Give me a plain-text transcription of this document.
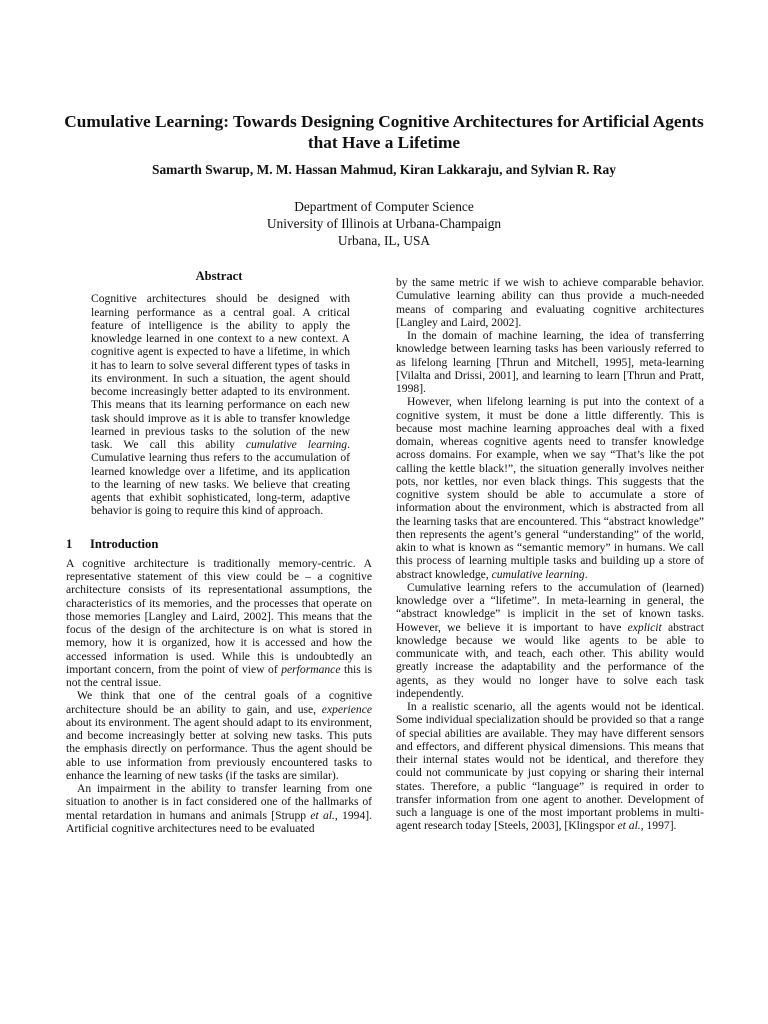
Cumulative Learning: Towards Designing Cognitive Architectures for Artificial Agents that Have a Lifetime
Samarth Swarup, M. M. Hassan Mahmud, Kiran Lakkaraju, and Sylvian R. Ray
Department of Computer Science
University of Illinois at Urbana-Champaign
Urbana, IL, USA
Abstract

Cognitive architectures should be designed with learning performance as a central goal. A critical feature of intelligence is the ability to apply the knowledge learned in one context to a new context. A cognitive agent is expected to have a lifetime, in which it has to learn to solve several different types of tasks in its environment. In such a situation, the agent should become increasingly better adapted to its environment. This means that its learning performance on each new task should improve as it is able to transfer knowledge learned in previous tasks to the solution of the new task. We call this ability cumulative learning. Cumulative learning thus refers to the accumulation of learned knowledge over a lifetime, and its application to the learning of new tasks. We believe that creating agents that exhibit sophisticated, long-term, adaptive behavior is going to require this kind of approach.

1 Introduction

A cognitive architecture is traditionally memory-centric. A representative statement of this view could be – a cognitive architecture consists of its representational assumptions, the characteristics of its memories, and the processes that operate on those memories [Langley and Laird, 2002]. This means that the focus of the design of the architecture is on what is stored in memory, how it is organized, how it is accessed and how the accessed information is used. While this is undoubtedly an important concern, from the point of view of performance this is not the central issue.

We think that one of the central goals of a cognitive architecture should be an ability to gain, and use, experience about its environment. The agent should adapt to its environment, and become increasingly better at solving new tasks. This puts the emphasis directly on performance. Thus the agent should be able to use information from previously encountered tasks to enhance the learning of new tasks (if the tasks are similar).

An impairment in the ability to transfer learning from one situation to another is in fact considered one of the hallmarks of mental retardation in humans and animals [Strupp et al., 1994]. Artificial cognitive architectures need to be evaluated

by the same metric if we wish to achieve comparable behavior. Cumulative learning ability can thus provide a much-needed means of comparing and evaluating cognitive architectures [Langley and Laird, 2002].

In the domain of machine learning, the idea of transferring knowledge between learning tasks has been variously referred to as lifelong learning [Thrun and Mitchell, 1995], meta-learning [Vilalta and Drissi, 2001], and learning to learn [Thrun and Pratt, 1998].

However, when lifelong learning is put into the context of a cognitive system, it must be done a little differently. This is because most machine learning approaches deal with a fixed domain, whereas cognitive agents need to transfer knowledge across domains. For example, when we say “That’s like the pot calling the kettle black!”, the situation generally involves neither pots, nor kettles, nor even black things. This suggests that the cognitive system should be able to accumulate a store of information about the environment, which is abstracted from all the learning tasks that are encountered. This “abstract knowledge” then represents the agent’s general “understanding” of the world, akin to what is known as “semantic memory” in humans. We call this process of learning multiple tasks and building up a store of abstract knowledge, cumulative learning.

Cumulative learning refers to the accumulation of (learned) knowledge over a “lifetime”. In meta-learning in general, the “abstract knowledge” is implicit in the set of known tasks. However, we believe it is important to have explicit abstract knowledge because we would like agents to be able to communicate with, and teach, each other. This ability would greatly increase the adaptability and the performance of the agents, as they would no longer have to solve each task independently.

In a realistic scenario, all the agents would not be identical. Some individual specialization should be provided so that a range of special abilities are available. They may have different sensors and effectors, and different physical dimensions. This means that their internal states would not be identical, and therefore they could not communicate by just copying or sharing their internal states. Therefore, a public “language” is required in order to transfer information from one agent to another. Development of such a language is one of the most important problems in multi-agent research today [Steels, 2003], [Klingspor et al., 1997].
